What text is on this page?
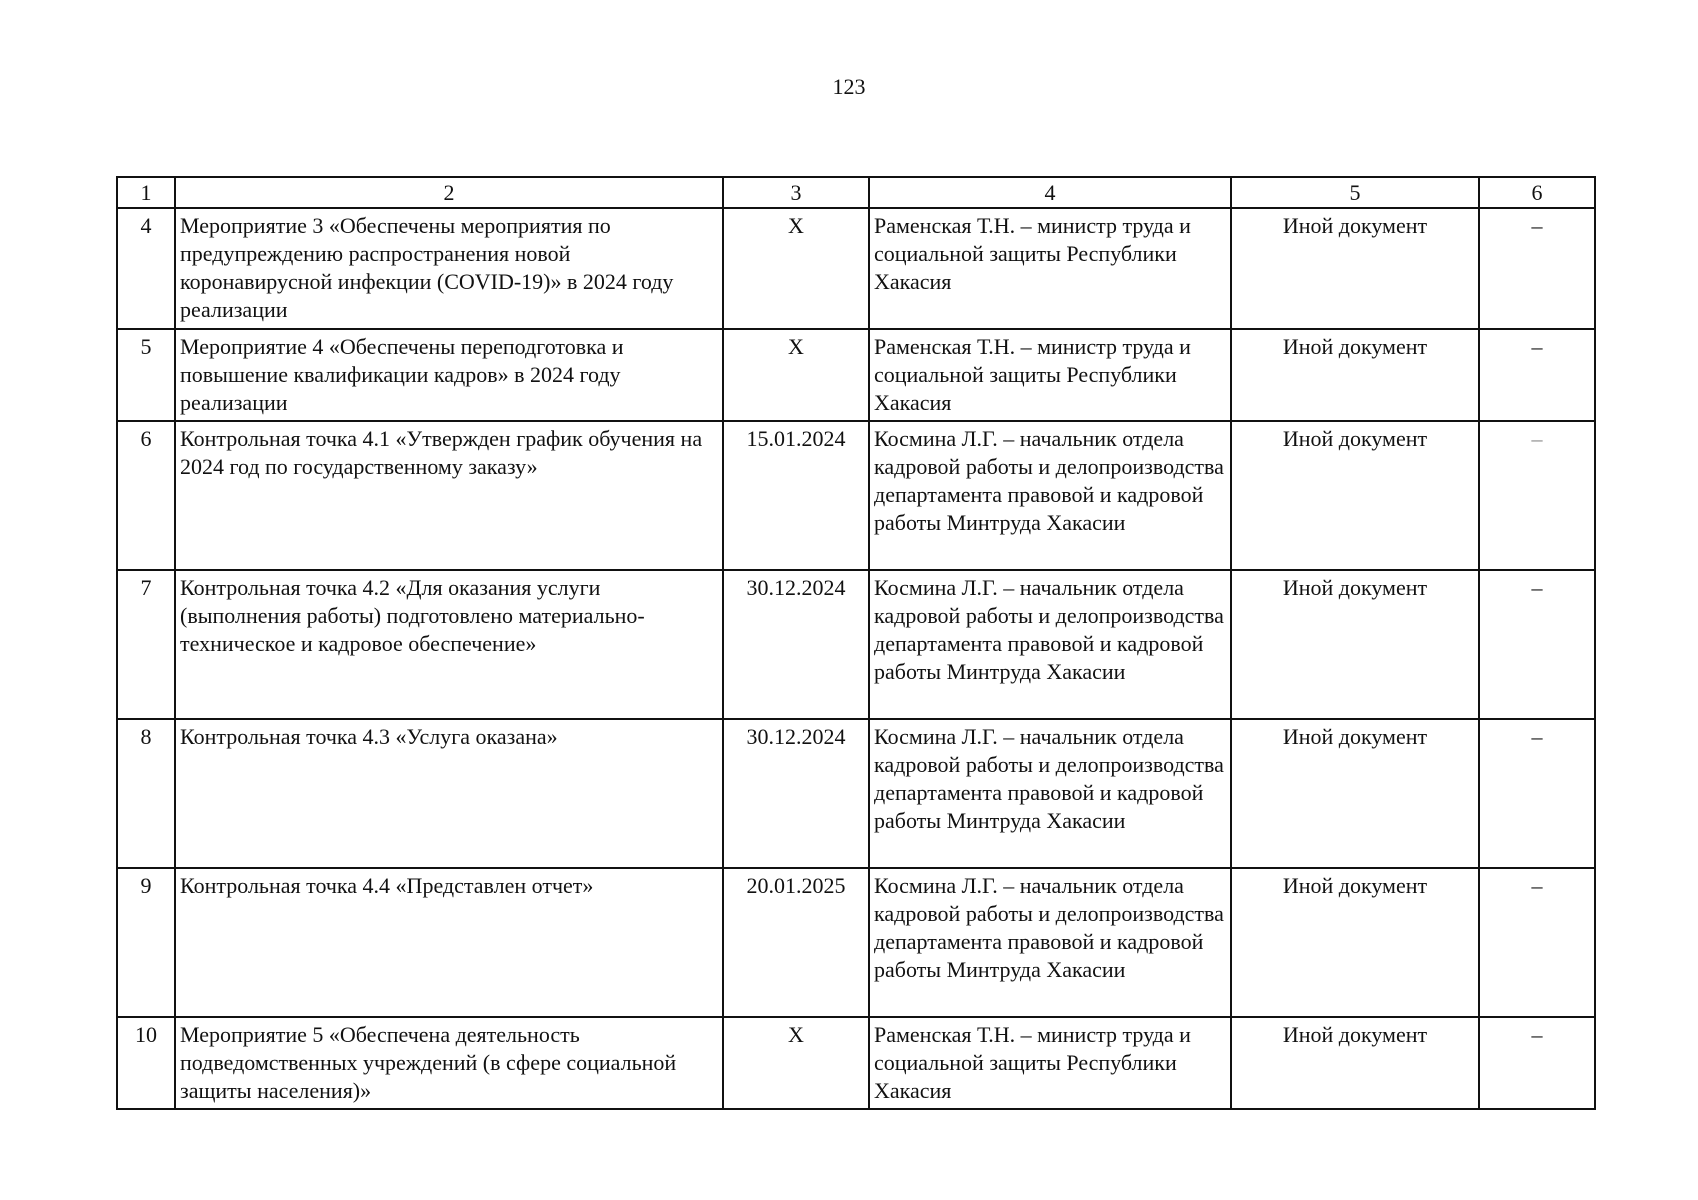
123
1	2	3	4	5	6
4	Мероприятие 3 «Обеспечены мероприятия по предупреждению распространения новой коронавирусной инфекции (COVID-19)» в 2024 году реализации	Х	Раменская Т.Н. – министр труда и социальной защиты Республики Хакасия	Иной документ	–
5	Мероприятие 4 «Обеспечены переподготовка и повышение квалификации кадров» в 2024 году реализации	Х	Раменская Т.Н. – министр труда и социальной защиты Республики Хакасия	Иной документ	–
6	Контрольная точка 4.1 «Утвержден график обучения на 2024 год по государственному заказу»	15.01.2024	Космина Л.Г. – начальник отдела кадровой работы и делопроизводства департамента правовой и кадровой работы Минтруда Хакасии	Иной документ	–
7	Контрольная точка 4.2 «Для оказания услуги (выполнения работы) подготовлено материально-техническое и кадровое обеспечение»	30.12.2024	Космина Л.Г. – начальник отдела кадровой работы и делопроизводства департамента правовой и кадровой работы Минтруда Хакасии	Иной документ	–
8	Контрольная точка 4.3 «Услуга оказана»	30.12.2024	Космина Л.Г. – начальник отдела кадровой работы и делопроизводства департамента правовой и кадровой работы Минтруда Хакасии	Иной документ	–
9	Контрольная точка 4.4 «Представлен отчет»	20.01.2025	Космина Л.Г. – начальник отдела кадровой работы и делопроизводства департамента правовой и кадровой работы Минтруда Хакасии	Иной документ	–
10	Мероприятие 5 «Обеспечена деятельность подведомственных учреждений (в сфере социальной защиты населения)»	Х	Раменская Т.Н. – министр труда и социальной защиты Республики Хакасия	Иной документ	–
